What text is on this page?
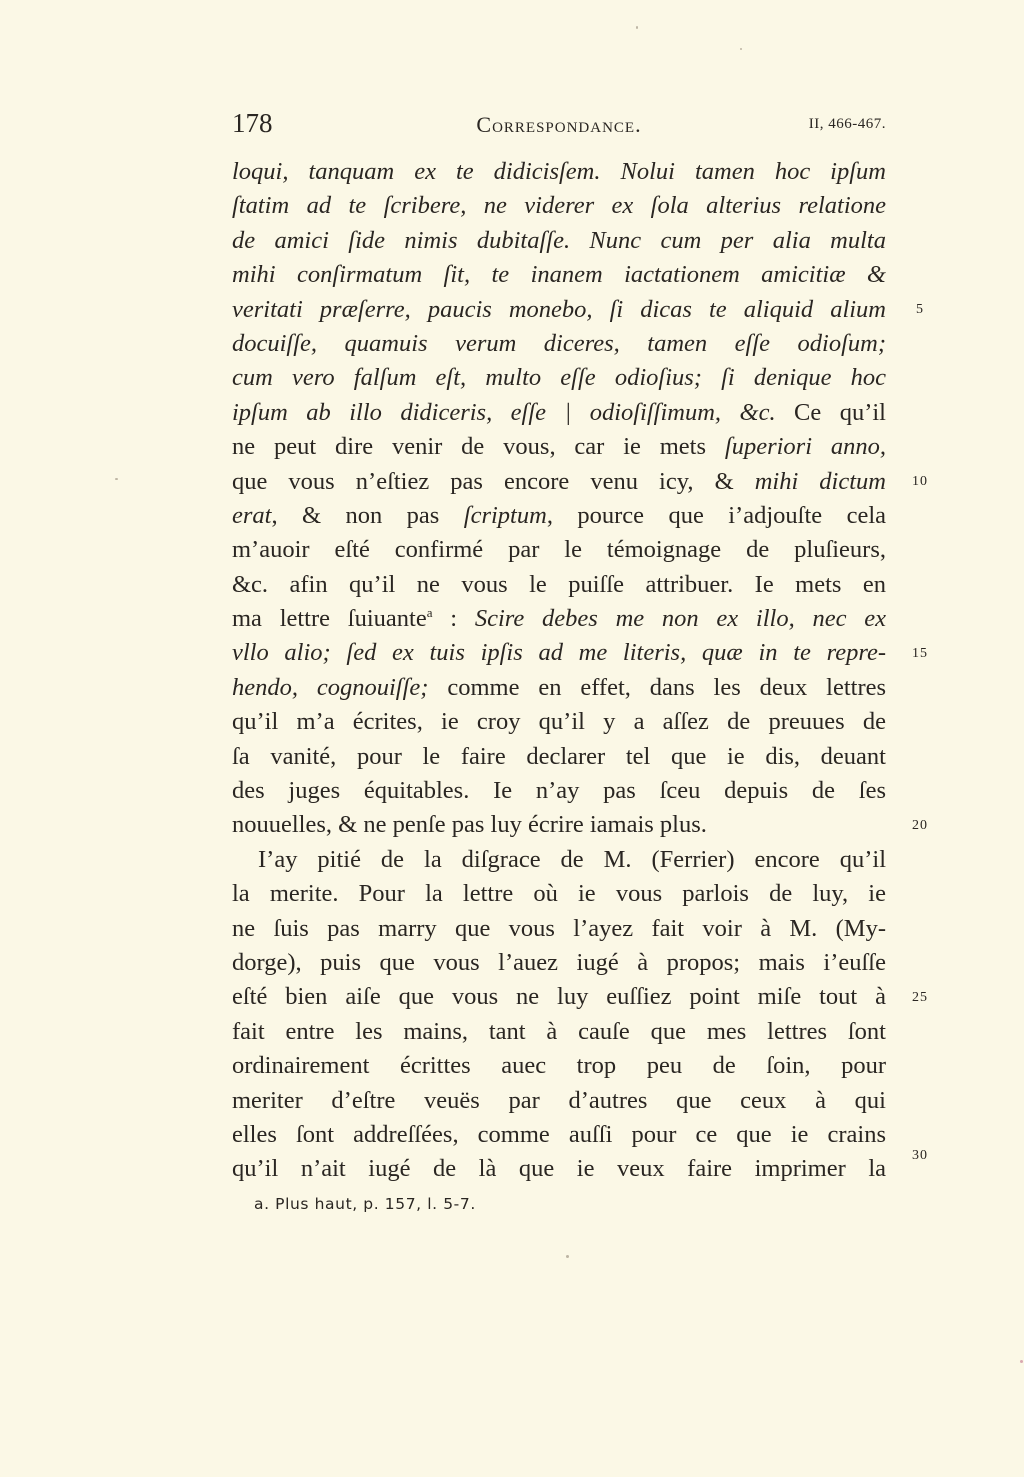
178	Correspondance.	II, 466-467.
loqui, tanquam ex te didicisſem. Nolui tamen hoc ipſum
ſtatim ad te ſcribere, ne viderer ex ſola alterius relatione
de amici ſide nimis dubitaſſe. Nunc cum per alia multa
mihi conſirmatum ſit, te inanem iactationem amicitiæ &
veritati præſerre, paucis monebo, ſi dicas te aliquid alium
docuiſſe, quamuis verum diceres, tamen eſſe odioſum;
cum vero falſum eſt, multo eſſe odioſius; ſi denique hoc
ipſum ab illo didiceris, eſſe | odioſiſſimum, &c. Ce qu’il
ne peut dire venir de vous, car ie mets ſuperiori anno,
que vous n’eſtiez pas encore venu icy, & mihi dictum
erat, & non pas ſcriptum, pource que i’adjouſte cela
m’auoir eſté confirmé par le témoignage de pluſieurs,
&c. afin qu’il ne vous le puiſſe attribuer. Ie mets en
ma lettre ſuiuante$^a$ : Scire debes me non ex illo, nec ex
vllo alio; ſed ex tuis ipſis ad me literis, quæ in te repre-
hendo, cognouiſſe; comme en effet, dans les deux lettres
qu’il m’a écrites, ie croy qu’il y a aſſez de preuues de
ſa vanité, pour le faire declarer tel que ie dis, deuant
des juges équitables. Ie n’ay pas ſceu depuis de ſes
nouuelles, & ne penſe pas luy écrire iamais plus.
I’ay pitié de la diſgrace de M. (Ferrier) encore qu’il
la merite. Pour la lettre où ie vous parlois de luy, ie
ne ſuis pas marry que vous l’ayez fait voir à M. (My-
dorge), puis que vous l’auez iugé à propos; mais i’euſſe
eſté bien aiſe que vous ne luy euſſiez point miſe tout à
fait entre les mains, tant à cauſe que mes lettres ſont
ordinairement écrittes auec trop peu de ſoin, pour
meriter d’eſtre veuës par d’autres que ceux à qui
elles ſont addreſſées, comme auſſi pour ce que ie crains
qu’il n’ait iugé de là que ie veux faire imprimer la
5
10
15
20
25
30
a. Plus haut, p. 157, l. 5-7.
